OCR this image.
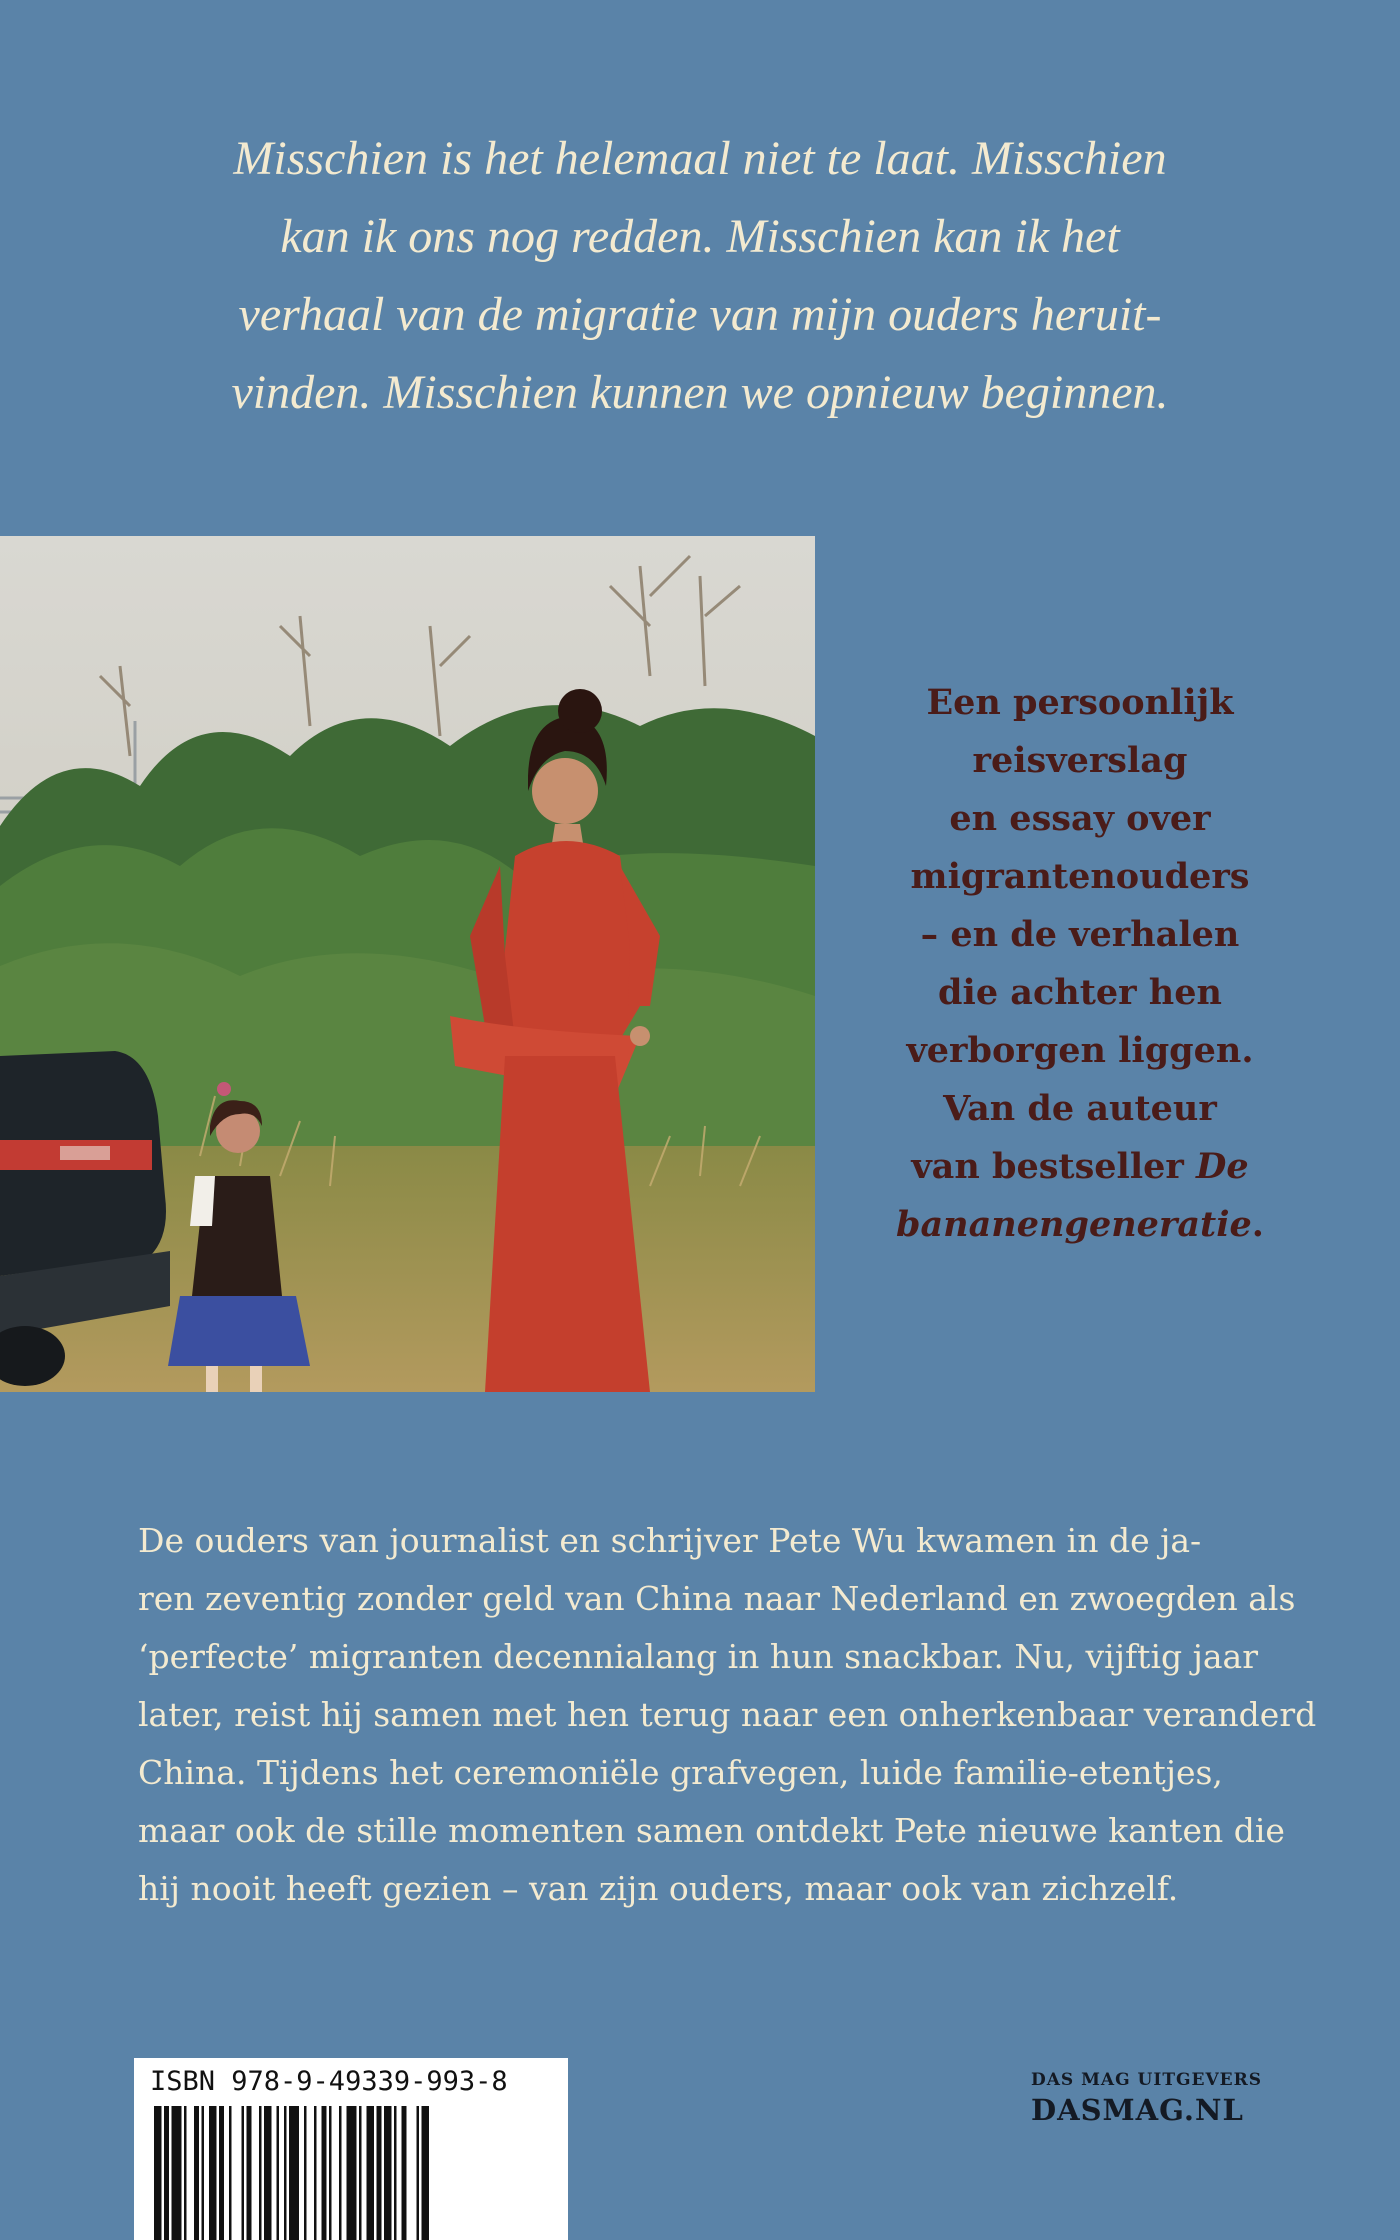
Misschien is het helemaal niet te laat. Misschien
kan ik ons nog redden. Misschien kan ik het
verhaal van de migratie van mijn ouders heruit-
vinden. Misschien kunnen we opnieuw beginnen.

Een persoonlijk
reisverslag
en essay over
migrantenouders
– en de verhalen
die achter hen
verborgen liggen.
Van de auteur
van bestseller De
bananengeneratie.

De ouders van journalist en schrijver Pete Wu kwamen in de ja-
ren zeventig zonder geld van China naar Nederland en zwoegden als
‘perfecte’ migranten decennialang in hun snackbar. Nu, vijftig jaar
later, reist hij samen met hen terug naar een onherkenbaar veranderd
China. Tijdens het ceremoniële grafvegen, luide familie-etentjes,
maar ook de stille momenten samen ontdekt Pete nieuwe kanten die
hij nooit heeft gezien – van zijn ouders, maar ook van zichzelf.

ISBN 978-9-49339-993-8	DAS MAG UITGEVERS
DASMAG.NL
